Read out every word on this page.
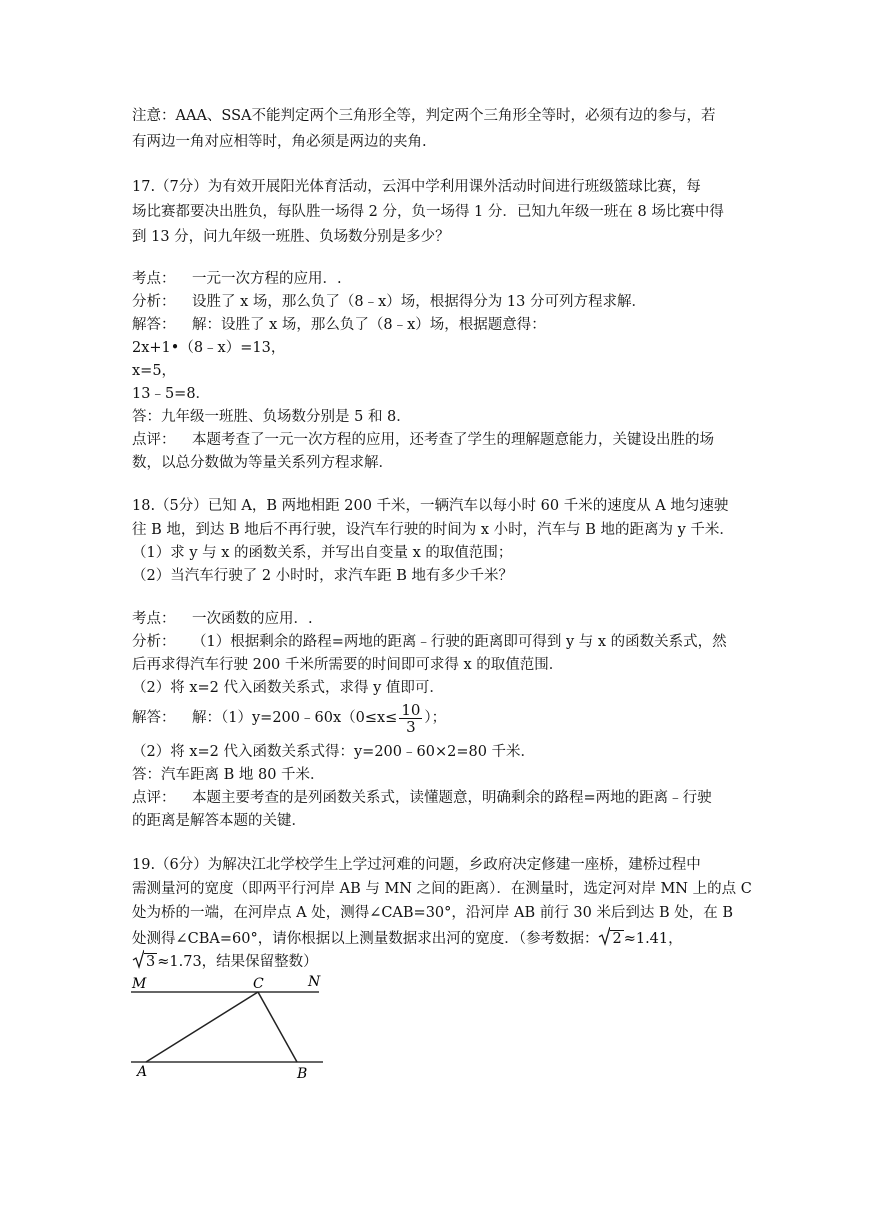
注意：AAA、SSA不能判定两个三角形全等，判定两个三角形全等时，必须有边的参与，若
有两边一角对应相等时，角必须是两边的夹角.
17.（7分）为有效开展阳光体育活动，云洱中学利用课外活动时间进行班级篮球比赛，每
场比赛都要决出胜负，每队胜一场得 2 分，负一场得 1 分．已知九年级一班在 8 场比赛中得
到 13 分，问九年级一班胜、负场数分别是多少？
考点： 一元一次方程的应用．.
分析： 设胜了 x 场，那么负了（8﹣x）场，根据得分为 13 分可列方程求解．
解答： 解：设胜了 x 场，那么负了（8﹣x）场，根据题意得：
2x+1•（8﹣x）=13，
x=5，
13﹣5=8．
答：九年级一班胜、负场数分别是 5 和 8．
点评： 本题考查了一元一次方程的应用，还考查了学生的理解题意能力，关键设出胜的场
数，以总分数做为等量关系列方程求解．
18.（5分）已知 A，B 两地相距 200 千米，一辆汽车以每小时 60 千米的速度从 A 地匀速驶
往 B 地，到达 B 地后不再行驶，设汽车行驶的时间为 x 小时，汽车与 B 地的距离为 y 千米．
（1）求 y 与 x 的函数关系，并写出自变量 x 的取值范围；
（2）当汽车行驶了 2 小时时，求汽车距 B 地有多少千米？
考点： 一次函数的应用．.
分析： （1）根据剩余的路程=两地的距离﹣行驶的距离即可得到 y 与 x 的函数关系式，然
后再求得汽车行驶 200 千米所需要的时间即可求得 x 的取值范围．
（2）将 x=2 代入函数关系式，求得 y 值即可．
解答： 解：（1）y=200﹣60x（0≤x≤ $\frac{10}{3}$ ）；
（2）将 x=2 代入函数关系式得：y=200﹣60×2=80 千米．
答：汽车距离 B 地 80 千米．
点评： 本题主要考查的是列函数关系式，读懂题意，明确剩余的路程=两地的距离﹣行驶
的距离是解答本题的关键．
19.（6分）为解决江北学校学生上学过河难的问题，乡政府决定修建一座桥，建桥过程中
需测量河的宽度（即两平行河岸 AB 与 MN 之间的距离）．在测量时，选定河对岸 MN 上的点 C
处为桥的一端，在河岸点 A 处，测得∠CAB=30°，沿河岸 AB 前行 30 米后到达 B 处，在 B
处测得∠CBA=60°，请你根据以上测量数据求出河的宽度．（参考数据： 2 ≈1.41，
3 ≈1.73，结果保留整数）
M	C	N
A	B
